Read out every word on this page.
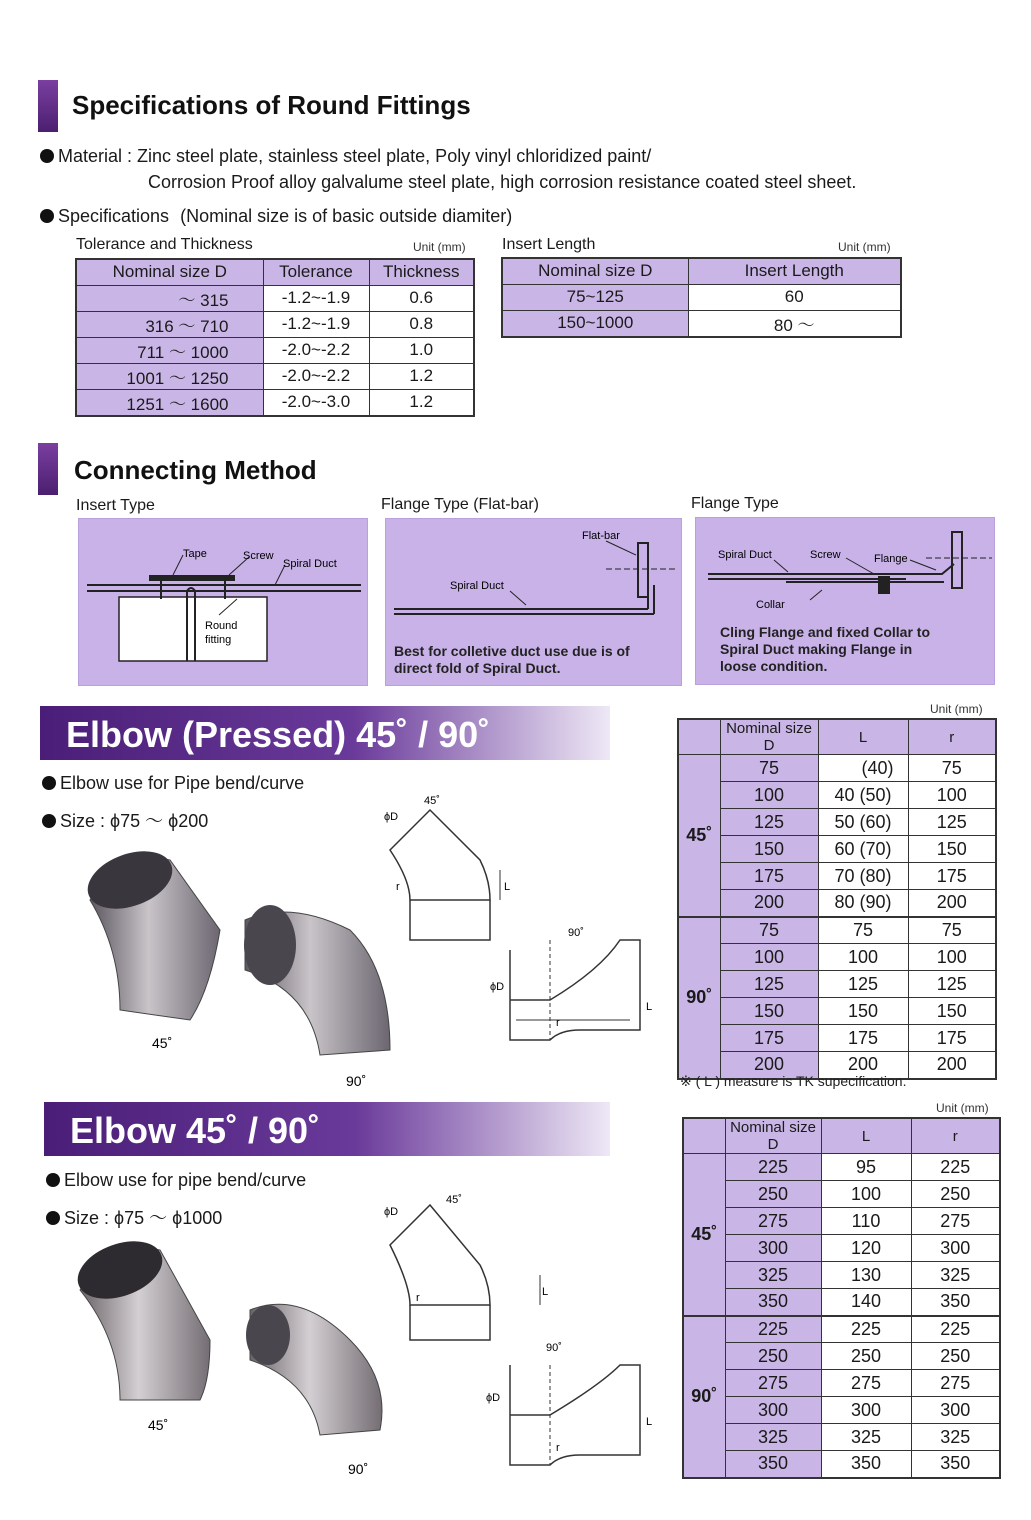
Specifications of Round Fittings
Material : Zinc steel plate, stainless steel plate, Poly vinyl chloridized paint/
Corrosion Proof alloy galvalume steel plate, high corrosion resistance coated steel sheet.
Specifications (Nominal size is of basic outside diamiter)
Tolerance and Thickness	Unit (mm)
Nominal size D	Tolerance	Thickness
～ 315	-1.2~-1.9	0.6
316 ～ 710	-1.2~-1.9	0.8
711 ～ 1000	-2.0~-2.2	1.0
1001 ～ 1250	-2.0~-2.2	1.2
1251 ～ 1600	-2.0~-3.0	1.2
Insert Length	Unit (mm)
Nominal size D	Insert Length
75~125	60
150~1000	80 ～
Connecting Method
Insert Type	Flange Type (Flat-bar)	Flange Type
Tape	Screw
Spiral Duct
Round
fitting
Flat-bar
Spiral Duct
Best for colletive duct use due is of
direct fold of Spiral Duct.
Spiral Duct	Screw	Flange
Collar
Cling Flange and fixed Collar to
Spiral Duct making Flange in
loose condition.
Elbow (Pressed) 45˚ / 90˚
Elbow use for Pipe bend/curve
Size : ϕ75 ～ ϕ200
45˚
90˚
ϕD
45˚
r	L
90˚
ϕD
r
L
Unit (mm)
	Nominal size D	L	r
45˚	75	(40)	75
	100	40 (50)	100
	125	50 (60)	125
	150	60 (70)	150
	175	70 (80)	175
	200	80 (90)	200
90˚	75	75	75
	100	100	100
	125	125	125
	150	150	150
	175	175	175
	200	200	200
※ ( L ) measure is TK supecification.
Elbow 45˚ / 90˚
Elbow use for pipe bend/curve
Size : ϕ75 ～ ϕ1000
45˚
90˚
ϕD
45˚
r	L
90˚
ϕD
r
L
Unit (mm)
	Nominal size D	L	r
45˚	225	95	225
	250	100	250
	275	110	275
	300	120	300
	325	130	325
	350	140	350
90˚	225	225	225
	250	250	250
	275	275	275
	300	300	300
	325	325	325
	350	350	350
